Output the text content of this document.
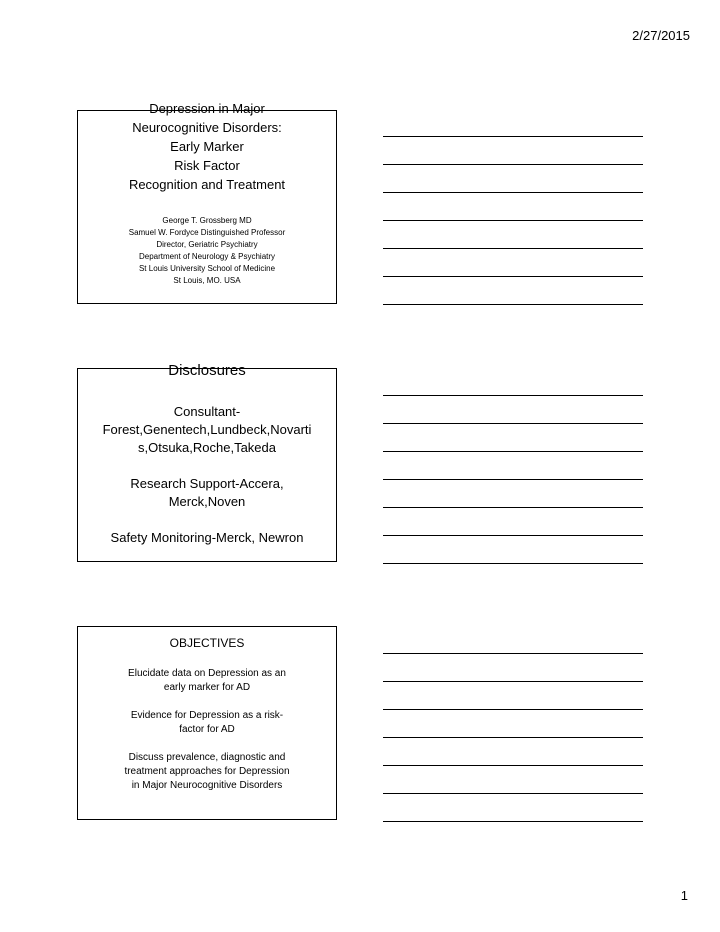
2/27/2015
Depression in Major
Neurocognitive Disorders:
Early Marker
Risk Factor
Recognition and Treatment
George T. Grossberg MD
Samuel W. Fordyce Distinguished Professor
Director, Geriatric Psychiatry
Department of Neurology & Psychiatry
St Louis University School of Medicine
St Louis, MO. USA
Disclosures
Consultant-
Forest,Genentech,Lundbeck,Novarti
s,Otsuka,Roche,Takeda
Research Support-Accera,
Merck,Noven
Safety Monitoring-Merck, Newron
OBJECTIVES
Elucidate data on Depression as an
early marker for AD
Evidence for Depression as a risk-
factor for AD
Discuss prevalence, diagnostic and
treatment approaches for Depression
in Major Neurocognitive Disorders
1
